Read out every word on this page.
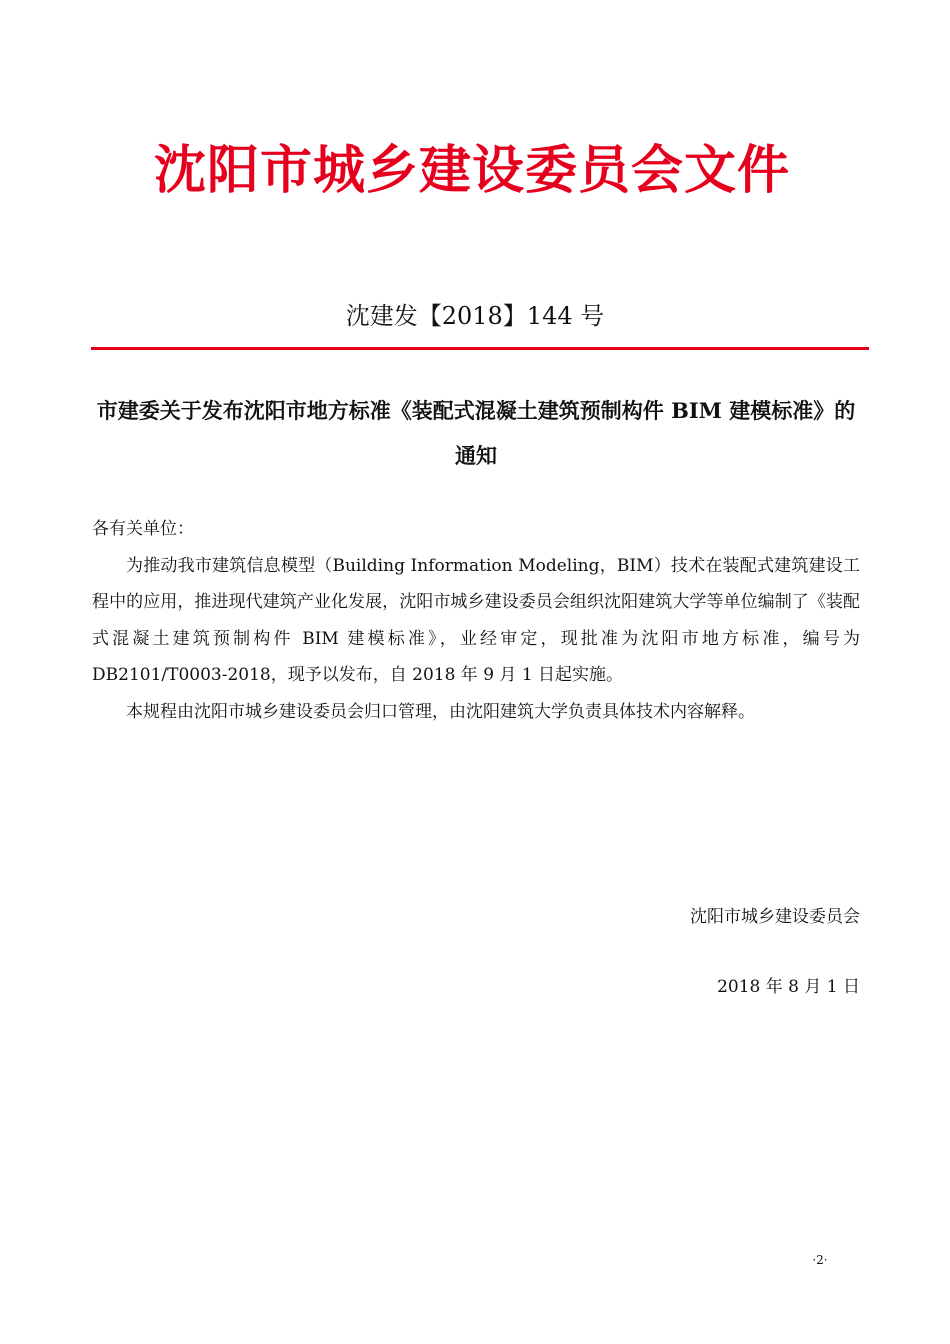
沈阳市城乡建设委员会文件
沈建发【2018】144 号
市建委关于发布沈阳市地方标准《装配式混凝土建筑预制构件 BIM 建模标准》的通知

各有关单位：

为推动我市建筑信息模型（Building Information Modeling，BIM）技术在装配式建筑建设工程中的应用，推进现代建筑产业化发展，沈阳市城乡建设委员会组织沈阳建筑大学等单位编制了《装配式混凝土建筑预制构件 BIM 建模标准》，业经审定，现批准为沈阳市地方标准，编号为 DB2101/T0003-2018，现予以发布，自 2018 年 9 月 1 日起实施。

本规程由沈阳市城乡建设委员会归口管理，由沈阳建筑大学负责具体技术内容解释。

沈阳市城乡建设委员会
2018 年 8 月 1 日
·2·
